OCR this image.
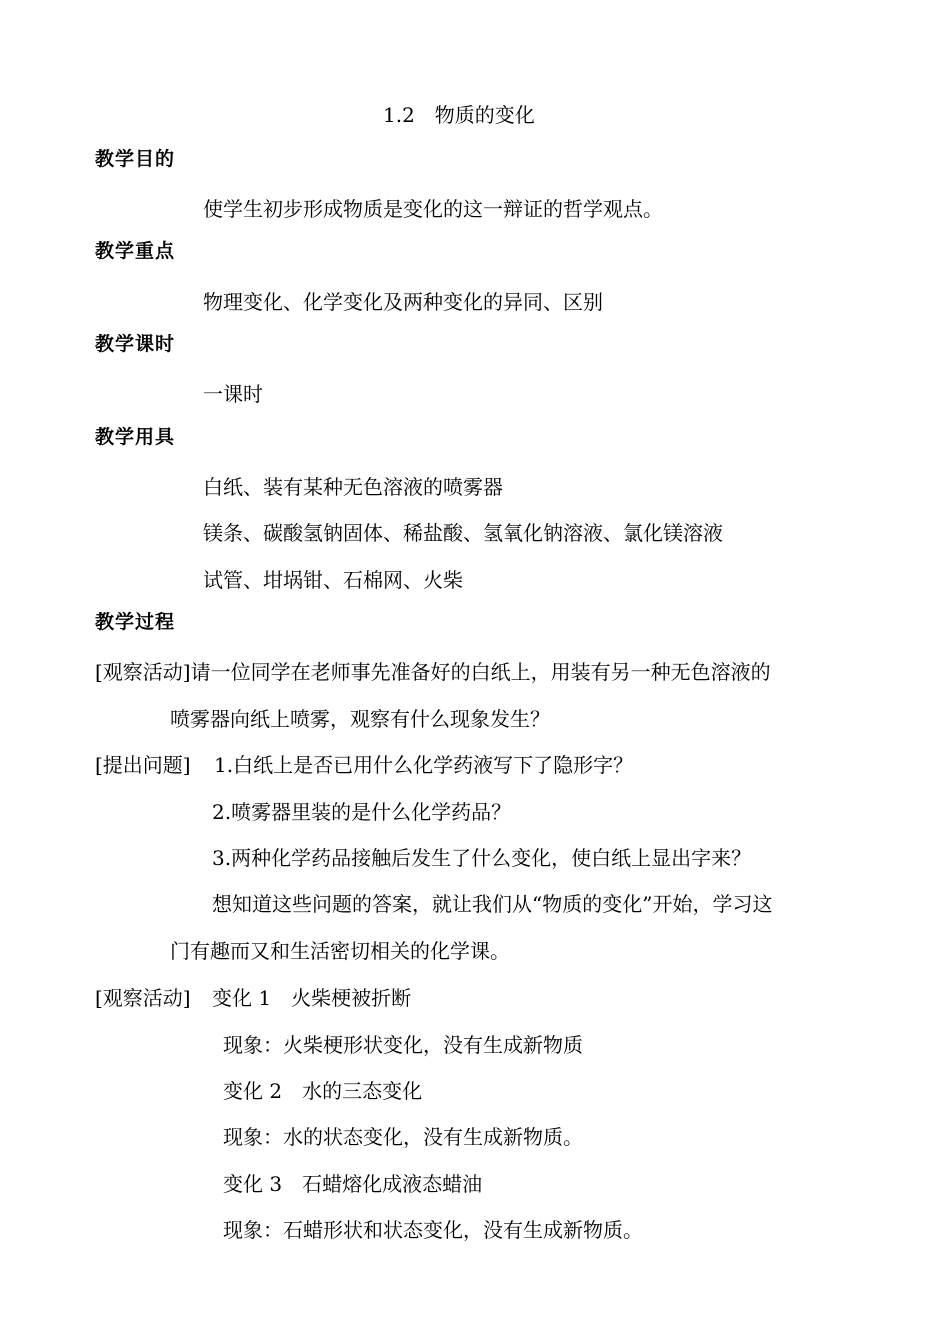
1.2　物质的变化
教学目的
使学生初步形成物质是变化的这一辩证的哲学观点。
教学重点
物理变化、化学变化及两种变化的异同、区别
教学课时
一课时
教学用具
白纸、装有某种无色溶液的喷雾器
镁条、碳酸氢钠固体、稀盐酸、氢氧化钠溶液、氯化镁溶液
试管、坩埚钳、石棉网、火柴
教学过程
[观察活动]请一位同学在老师事先准备好的白纸上，用装有另一种无色溶液的
喷雾器向纸上喷雾，观察有什么现象发生？
[提出问题] 1.白纸上是否已用什么化学药液写下了隐形字？
2.喷雾器里装的是什么化学药品？
3.两种化学药品接触后发生了什么变化，使白纸上显出字来？
想知道这些问题的答案，就让我们从“物质的变化”开始，学习这
门有趣而又和生活密切相关的化学课。
[观察活动] 变化 1　火柴梗被折断
现象：火柴梗形状变化，没有生成新物质
变化 2　水的三态变化
现象：水的状态变化，没有生成新物质。
变化 3　石蜡熔化成液态蜡油
现象：石蜡形状和状态变化，没有生成新物质。
